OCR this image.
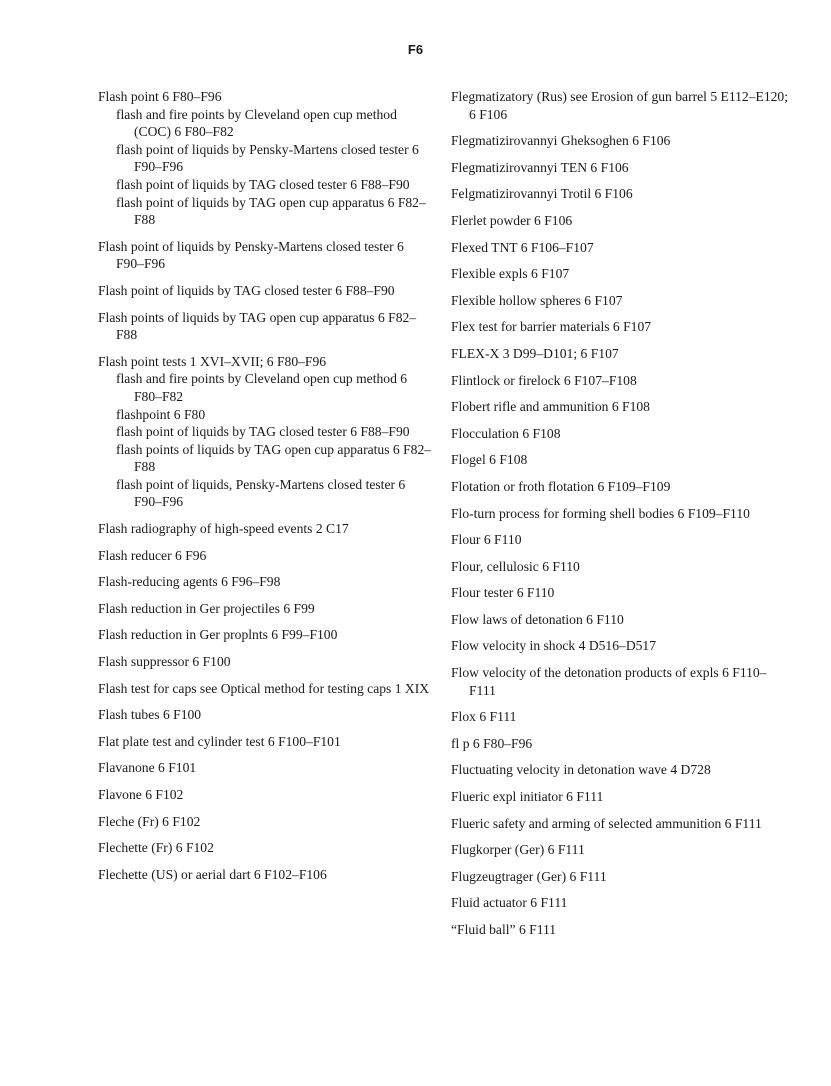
F6
Flash point 6 F80–F96
flash and fire points by Cleveland open cup method (COC) 6 F80–F82
flash point of liquids by Pensky-Martens closed tester 6 F90–F96
flash point of liquids by TAG closed tester 6 F88–F90
flash point of liquids by TAG open cup apparatus 6 F82–F88
Flash point of liquids by Pensky-Martens closed tester 6 F90–F96
Flash point of liquids by TAG closed tester 6 F88–F90
Flash points of liquids by TAG open cup apparatus 6 F82–F88
Flash point tests 1 XVI–XVII; 6 F80–F96
flash and fire points by Cleveland open cup method 6 F80–F82
flashpoint 6 F80
flash point of liquids by TAG closed tester 6 F88–F90
flash points of liquids by TAG open cup apparatus 6 F82–F88
flash point of liquids, Pensky-Martens closed tester 6 F90–F96
Flash radiography of high-speed events 2 C17
Flash reducer 6 F96
Flash-reducing agents 6 F96–F98
Flash reduction in Ger projectiles 6 F99
Flash reduction in Ger proplnts 6 F99–F100
Flash suppressor 6 F100
Flash test for caps see Optical method for testing caps 1 XIX
Flash tubes 6 F100
Flat plate test and cylinder test 6 F100–F101
Flavanone 6 F101
Flavone 6 F102
Fleche (Fr) 6 F102
Flechette (Fr) 6 F102
Flechette (US) or aerial dart 6 F102–F106
Flegmatizatory (Rus) see Erosion of gun barrel 5 E112–E120; 6 F106
Flegmatizirovannyi Gheksoghen 6 F106
Flegmatizirovannyi TEN 6 F106
Felgmatizirovannyi Trotil 6 F106
Flerlet powder 6 F106
Flexed TNT 6 F106–F107
Flexible expls 6 F107
Flexible hollow spheres 6 F107
Flex test for barrier materials 6 F107
FLEX-X 3 D99–D101; 6 F107
Flintlock or firelock 6 F107–F108
Flobert rifle and ammunition 6 F108
Flocculation 6 F108
Flogel 6 F108
Flotation or froth flotation 6 F109–F109
Flo-turn process for forming shell bodies 6 F109–F110
Flour 6 F110
Flour, cellulosic 6 F110
Flour tester 6 F110
Flow laws of detonation 6 F110
Flow velocity in shock 4 D516–D517
Flow velocity of the detonation products of expls 6 F110–F111
Flox 6 F111
fl p 6 F80–F96
Fluctuating velocity in detonation wave 4 D728
Flueric expl initiator 6 F111
Flueric safety and arming of selected ammunition 6 F111
Flugkorper (Ger) 6 F111
Flugzeugtrager (Ger) 6 F111
Fluid actuator 6 F111
“Fluid ball” 6 F111
